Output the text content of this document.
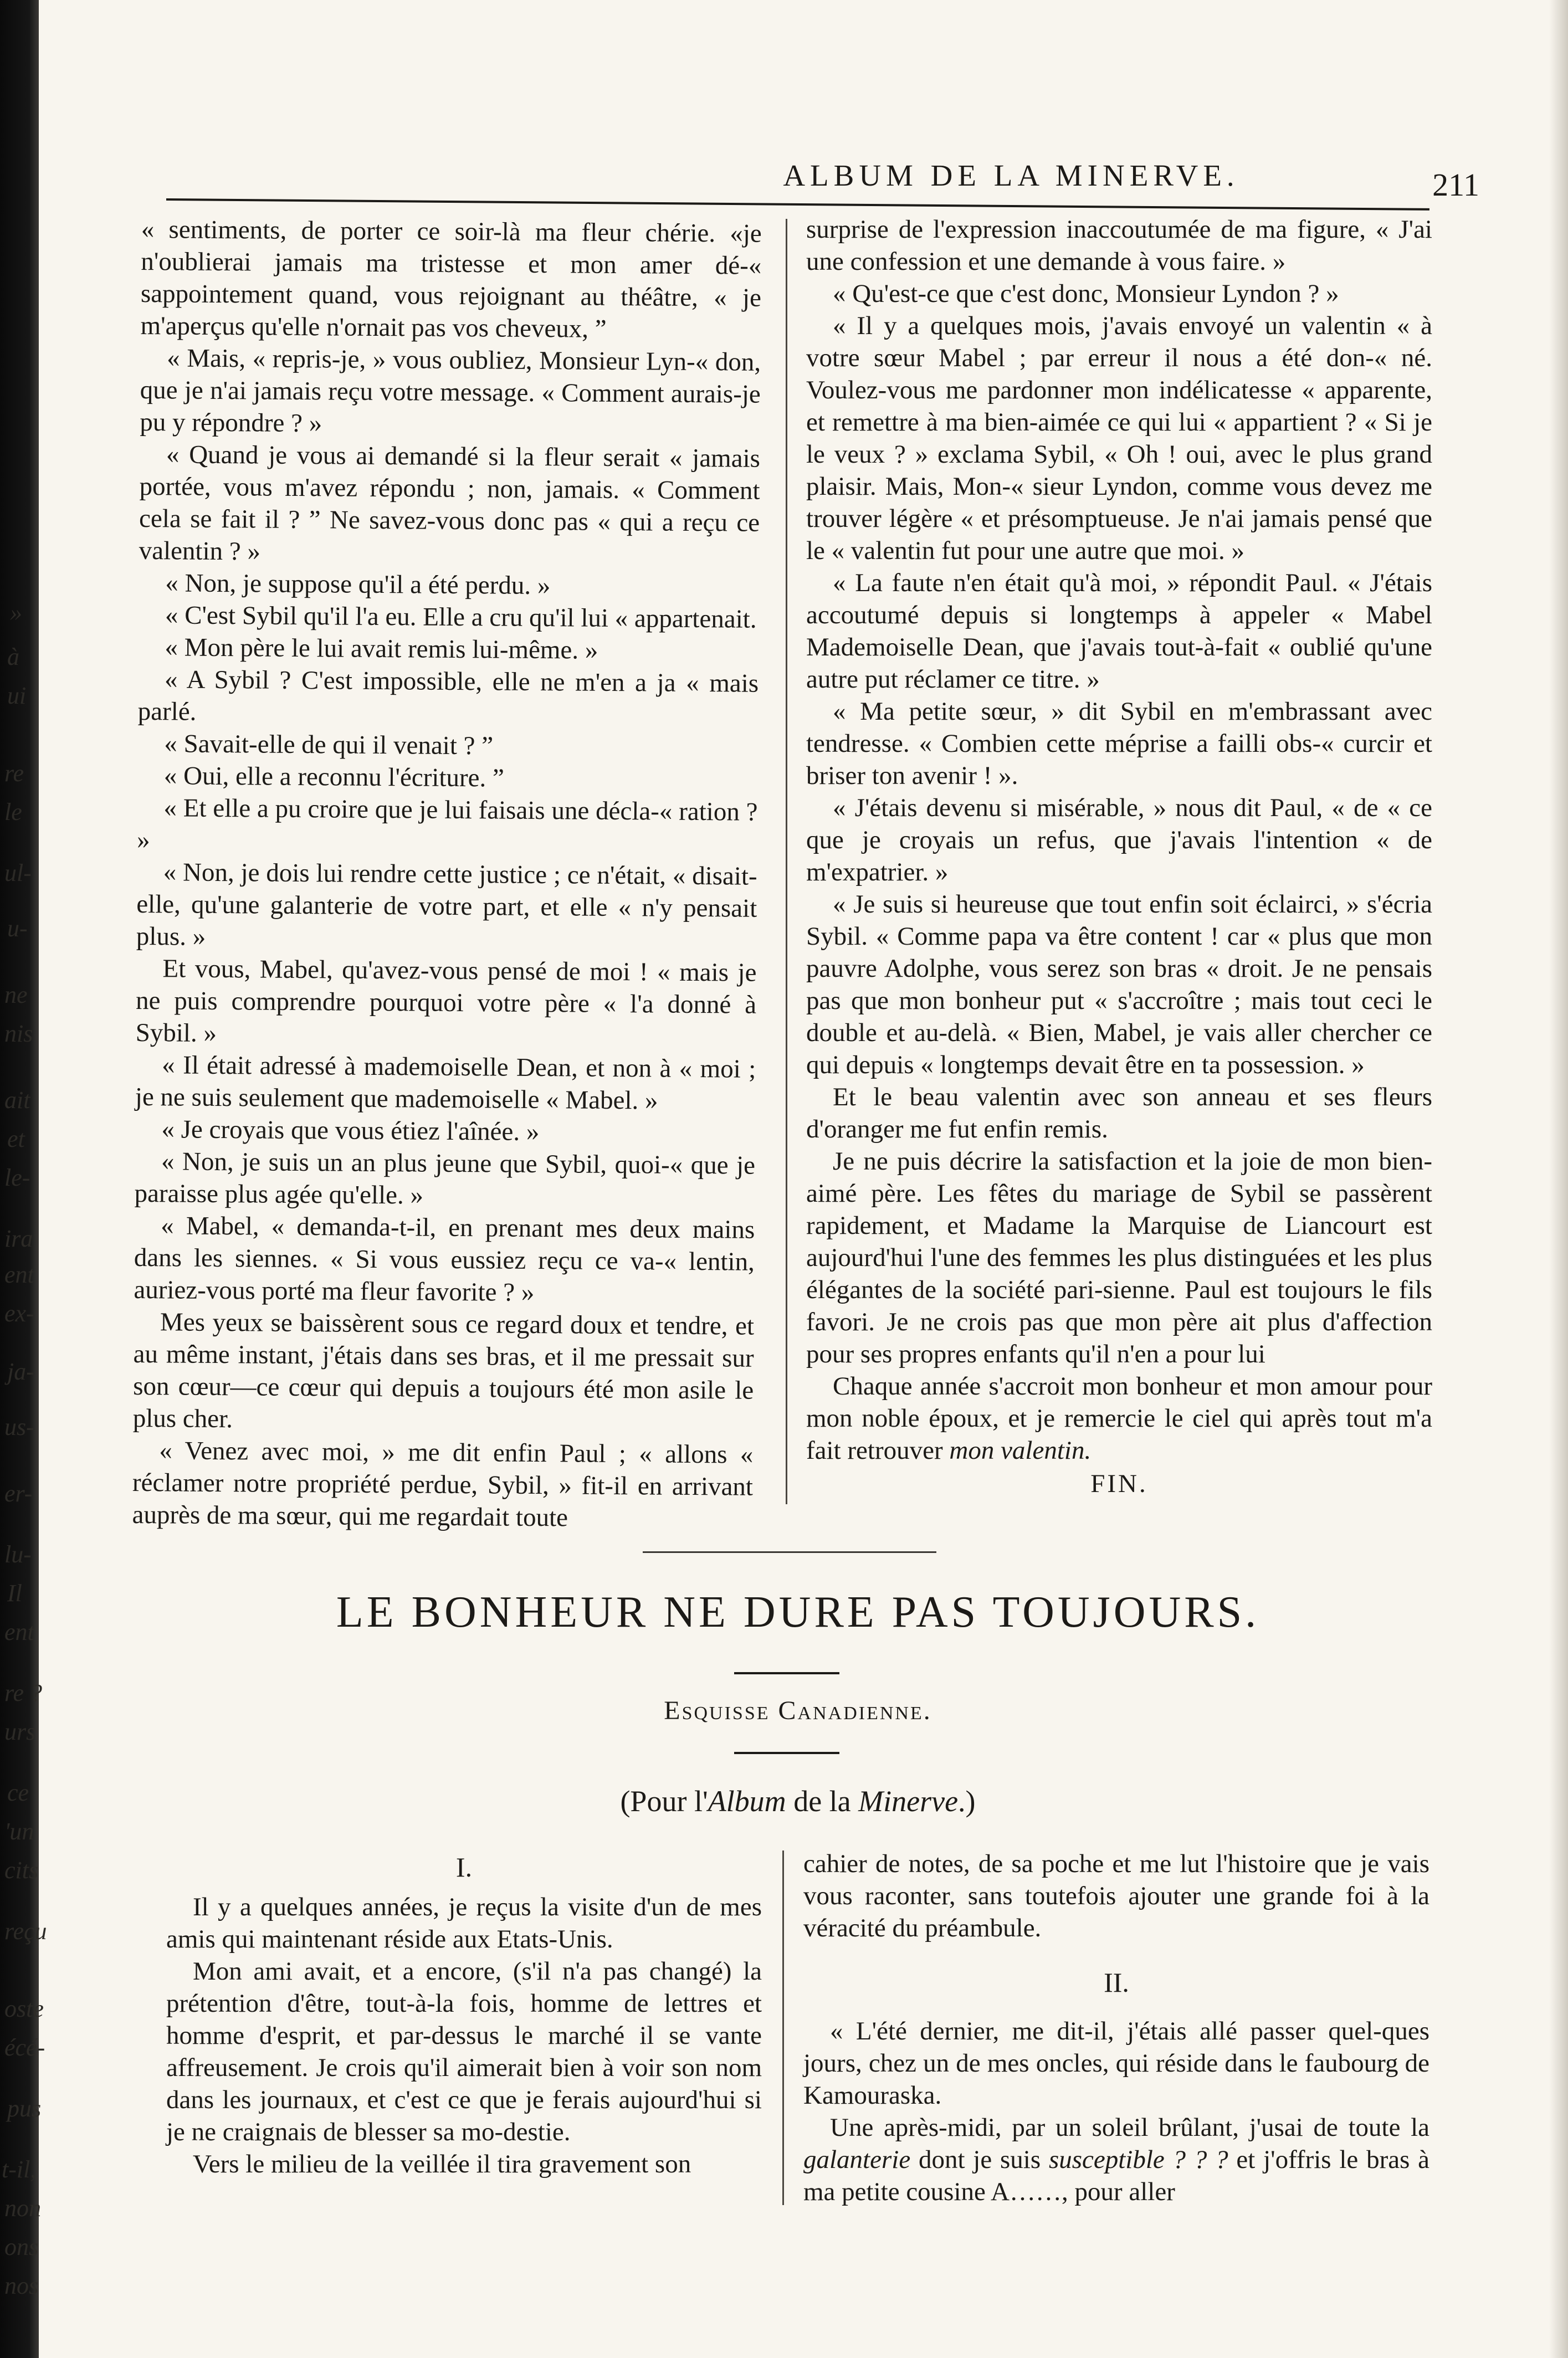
»
à
ui
re
le
ul-
u-
ne
nis
ait
et
le-
ira
ent
ex-
ja-
us-
er-
lu-
Il
ent
re ?
urs
ce
'un
cits
reçu
oste
écé-
pus
t-il,
non
ons
nos
ALBUM DE LA MINERVE.	211

« sentiments, de porter ce soir-là ma fleur chérie. «je n'oublierai jamais ma tristesse et mon amer dé-« sappointement quand, vous rejoignant au théâtre, « je m'aperçus qu'elle n'ornait pas vos cheveux, ”

« Mais, « repris-je, » vous oubliez, Monsieur Lyn-« don, que je n'ai jamais reçu votre message. « Comment aurais-je pu y répondre ? »

« Quand je vous ai demandé si la fleur serait « jamais portée, vous m'avez répondu ; non, jamais. « Comment cela se fait il ? ” Ne savez-vous donc pas « qui a reçu ce valentin ? »

« Non, je suppose qu'il a été perdu. »

« C'est Sybil qu'il l'a eu. Elle a cru qu'il lui « appartenait.

« Mon père le lui avait remis lui-même. »

« A Sybil ? C'est impossible, elle ne m'en a ja « mais parlé.

« Savait-elle de qui il venait ? ”

« Oui, elle a reconnu l'écriture. ”

« Et elle a pu croire que je lui faisais une décla-« ration ? »

« Non, je dois lui rendre cette justice ; ce n'était, « disait-elle, qu'une galanterie de votre part, et elle « n'y pensait plus. »

Et vous, Mabel, qu'avez-vous pensé de moi ! « mais je ne puis comprendre pourquoi votre père « l'a donné à Sybil. »

« Il était adressé à mademoiselle Dean, et non à « moi ; je ne suis seulement que mademoiselle « Mabel. »

« Je croyais que vous étiez l'aînée. »

« Non, je suis un an plus jeune que Sybil, quoi-« que je paraisse plus agée qu'elle. »

« Mabel, « demanda-t-il, en prenant mes deux mains dans les siennes. « Si vous eussiez reçu ce va-« lentin, auriez-vous porté ma fleur favorite ? »

Mes yeux se baissèrent sous ce regard doux et tendre, et au même instant, j'étais dans ses bras, et il me pressait sur son cœur—ce cœur qui depuis a toujours été mon asile le plus cher.

« Venez avec moi, » me dit enfin Paul ; « allons « réclamer notre propriété perdue, Sybil, » fit-il en arrivant auprès de ma sœur, qui me regardait toute

surprise de l'expression inaccoutumée de ma figure, « J'ai une confession et une demande à vous faire. »

« Qu'est-ce que c'est donc, Monsieur Lyndon ? »

« Il y a quelques mois, j'avais envoyé un valentin « à votre sœur Mabel ; par erreur il nous a été don-« né. Voulez-vous me pardonner mon indélicatesse « apparente, et remettre à ma bien-aimée ce qui lui « appartient ? « Si je le veux ? » exclama Sybil, « Oh ! oui, avec le plus grand plaisir. Mais, Mon-« sieur Lyndon, comme vous devez me trouver légère « et présomptueuse. Je n'ai jamais pensé que le « valentin fut pour une autre que moi. »

« La faute n'en était qu'à moi, » répondit Paul. « J'étais accoutumé depuis si longtemps à appeler « Mabel Mademoiselle Dean, que j'avais tout-à-fait « oublié qu'une autre put réclamer ce titre. »

« Ma petite sœur, » dit Sybil en m'embrassant avec tendresse. « Combien cette méprise a failli obs-« curcir et briser ton avenir ! ».

« J'étais devenu si misérable, » nous dit Paul, « de « ce que je croyais un refus, que j'avais l'intention « de m'expatrier. »

« Je suis si heureuse que tout enfin soit éclairci, » s'écria Sybil. « Comme papa va être content ! car « plus que mon pauvre Adolphe, vous serez son bras « droit. Je ne pensais pas que mon bonheur put « s'accroître ; mais tout ceci le double et au-delà. « Bien, Mabel, je vais aller chercher ce qui depuis « longtemps devait être en ta possession. »

Et le beau valentin avec son anneau et ses fleurs d'oranger me fut enfin remis.

Je ne puis décrire la satisfaction et la joie de mon bien-aimé père. Les fêtes du mariage de Sybil se passèrent rapidement, et Madame la Marquise de Liancourt est aujourd'hui l'une des femmes les plus distinguées et les plus élégantes de la société pari-sienne. Paul est toujours le fils favori. Je ne crois pas que mon père ait plus d'affection pour ses propres enfants qu'il n'en a pour lui

Chaque année s'accroit mon bonheur et mon amour pour mon noble époux, et je remercie le ciel qui après tout m'a fait retrouver mon valentin.

FIN.

LE BONHEUR NE DURE PAS TOUJOURS.
Esquisse Canadienne.
(Pour l'Album de la Minerve.)

I.

Il y a quelques années, je reçus la visite d'un de mes amis qui maintenant réside aux Etats-Unis.

Mon ami avait, et a encore, (s'il n'a pas changé) la prétention d'être, tout-à-la fois, homme de lettres et homme d'esprit, et par-dessus le marché il se vante affreusement. Je crois qu'il aimerait bien à voir son nom dans les journaux, et c'est ce que je ferais aujourd'hui si je ne craignais de blesser sa mo-destie.

Vers le milieu de la veillée il tira gravement son

cahier de notes, de sa poche et me lut l'histoire que je vais vous raconter, sans toutefois ajouter une grande foi à la véracité du préambule.

II.

« L'été dernier, me dit-il, j'étais allé passer quel-ques jours, chez un de mes oncles, qui réside dans le faubourg de Kamouraska.

Une après-midi, par un soleil brûlant, j'usai de toute la galanterie dont je suis susceptible ? ? ? et j'offris le bras à ma petite cousine A……, pour aller
